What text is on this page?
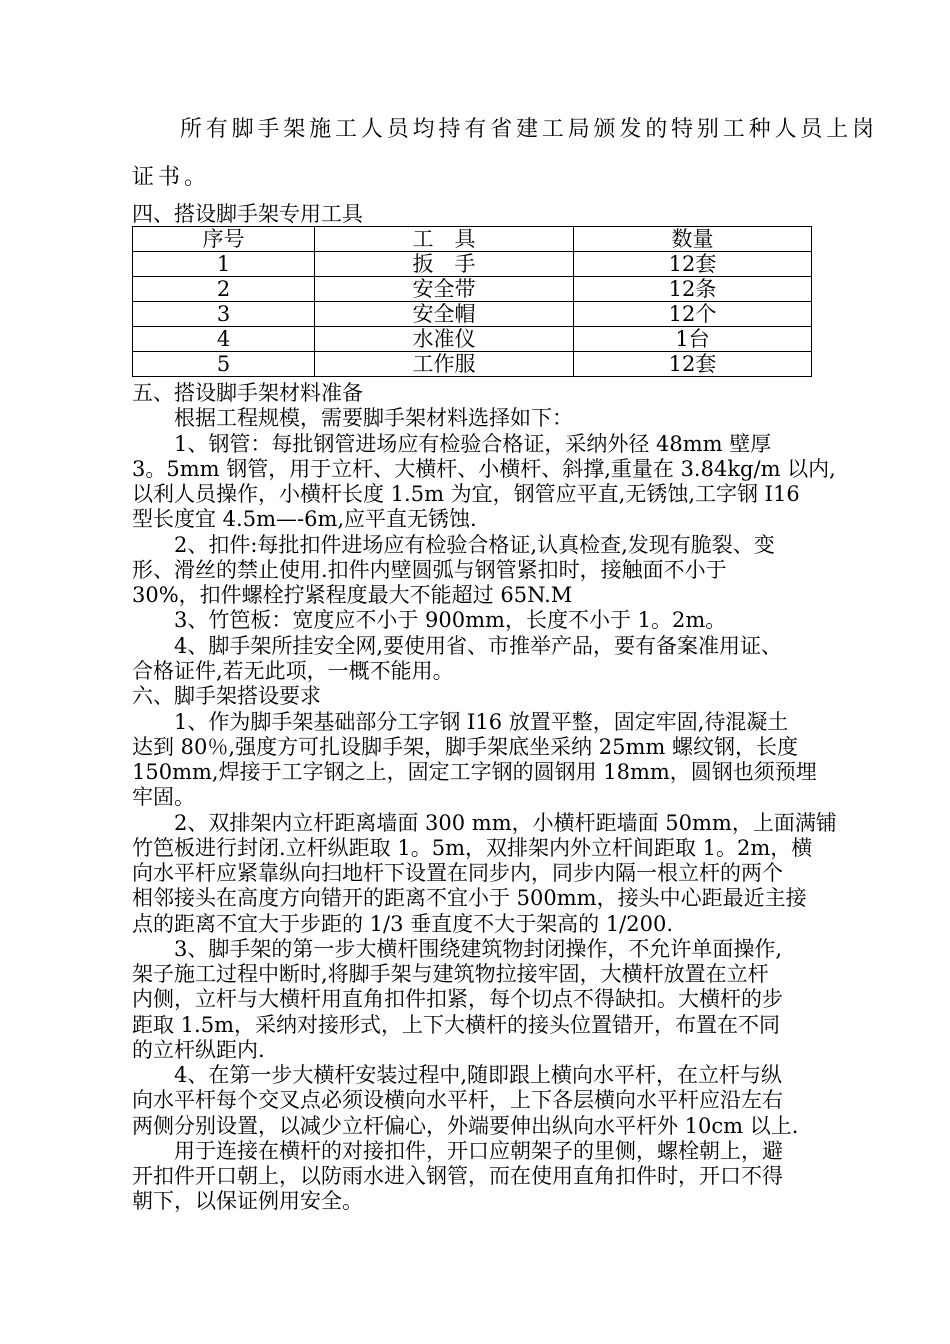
所有脚手架施工人员均持有省建工局颁发的特别工种人员上岗
证书。
四、搭设脚手架专用工具
序号	工　具	数量
1	扳　手	12套
2	安全带	12条
3	安全帽	12个
4	水准仪	1台
5	工作服	12套
五、搭设脚手架材料准备
　　根据工程规模，需要脚手架材料选择如下：
　　1、钢管：每批钢管进场应有检验合格证，采纳外径 48mm 壁厚
3。5mm 钢管，用于立杆、大横杆、小横杆、斜撑,重量在 3.84kg/m 以内,
以利人员操作，小横杆长度 1.5m 为宜，钢管应平直,无锈蚀,工字钢 I16
型长度宜 4.5m—-6m,应平直无锈蚀.
　　2、扣件:每批扣件进场应有检验合格证,认真检查,发现有脆裂、变
形、滑丝的禁止使用.扣件内壁圆弧与钢管紧扣时，接触面不小于
30%，扣件螺栓拧紧程度最大不能超过 65N.M
　　3、竹笆板：宽度应不小于 900mm，长度不小于 1。2m。
　　4、脚手架所挂安全网,要使用省、市推举产品，要有备案准用证、
合格证件,若无此项，一概不能用。
六、脚手架搭设要求
　　1、作为脚手架基础部分工字钢 I16 放置平整，固定牢固,待混凝土
达到 80％,强度方可扎设脚手架，脚手架底坐采纳 25mm 螺纹钢，长度
150mm,焊接于工字钢之上，固定工字钢的圆钢用 18mm，圆钢也须预埋
牢固。
　　2、双排架内立杆距离墙面 300 mm，小横杆距墙面 50mm，上面满铺
竹笆板进行封闭.立杆纵距取 1。5m，双排架内外立杆间距取 1。2m，横
向水平杆应紧靠纵向扫地杆下设置在同步内，同步内隔一根立杆的两个
相邻接头在高度方向错开的距离不宜小于 500mm，接头中心距最近主接
点的距离不宜大于步距的 1/3 垂直度不大于架高的 1/200.
　　3、脚手架的第一步大横杆围绕建筑物封闭操作，不允许单面操作,
架子施工过程中断时,将脚手架与建筑物拉接牢固，大横杆放置在立杆
内侧，立杆与大横杆用直角扣件扣紧，每个切点不得缺扣。大横杆的步
距取 1.5m，采纳对接形式，上下大横杆的接头位置错开，布置在不同
的立杆纵距内.
　　4、在第一步大横杆安装过程中,随即跟上横向水平杆，在立杆与纵
向水平杆每个交叉点必须设横向水平杆，上下各层横向水平杆应沿左右
两侧分别设置，以减少立杆偏心，外端要伸出纵向水平杆外 10cm 以上.
　　用于连接在横杆的对接扣件，开口应朝架子的里侧，螺栓朝上，避
开扣件开口朝上，以防雨水进入钢管，而在使用直角扣件时，开口不得
朝下，以保证例用安全。
